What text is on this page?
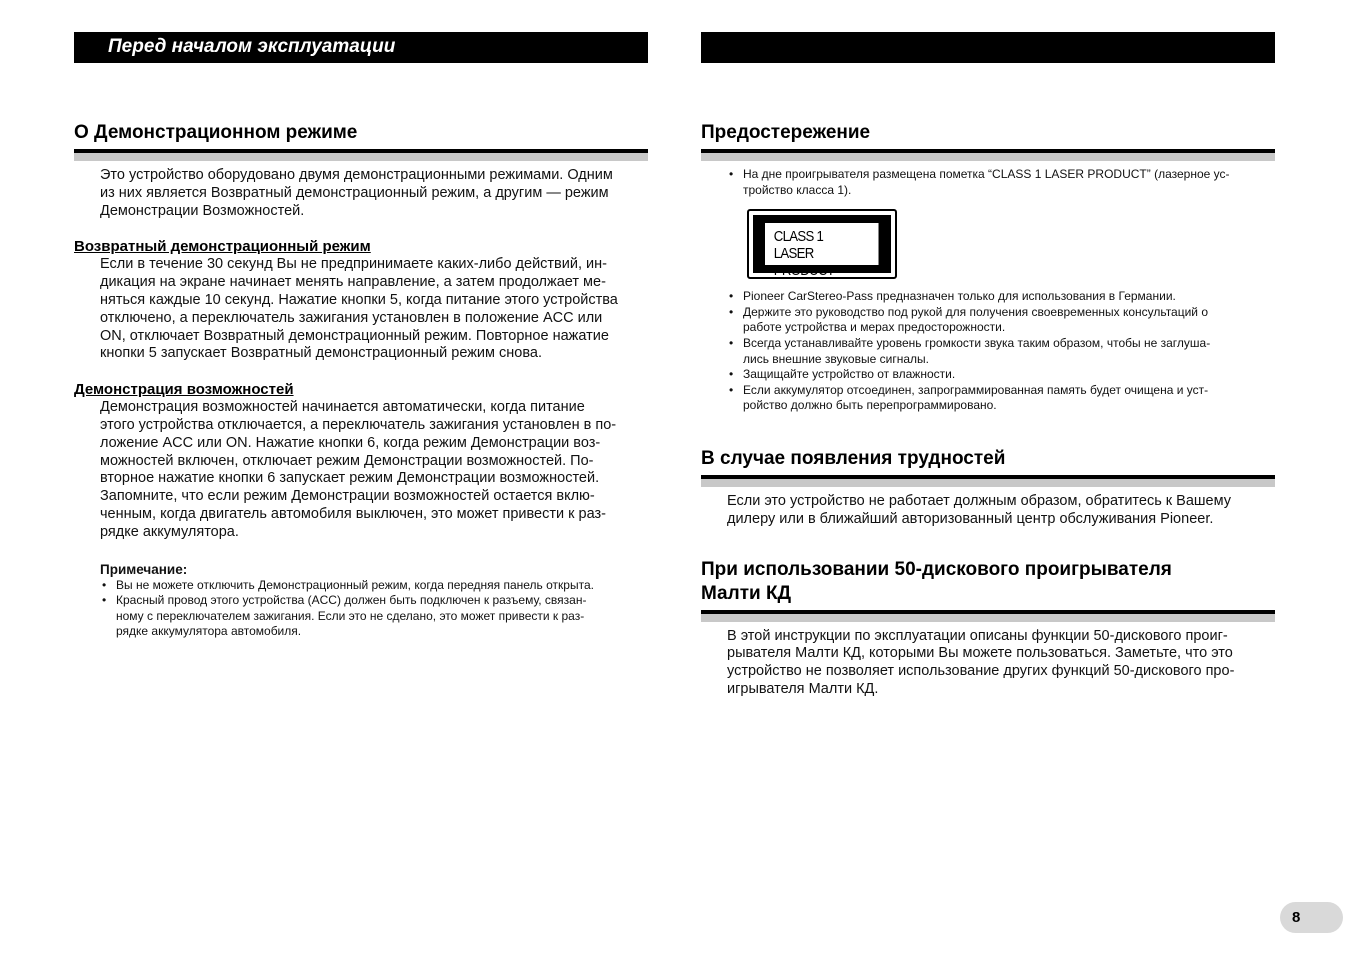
Перед началом эксплуатации
О Демонстрационном режиме

Это устройство оборудовано двумя демонстрационными режимами. Одним
из них является Возвратный демонстрационный режим, а другим — режим
Демонстрации Возможностей.

Возвратный демонстрационный режим

Если в течение 30 секунд Вы не предпринимаете каких-либо действий, ин-
дикация на экране начинает менять направление, а затем продолжает ме-
няться каждые 10 секунд. Нажатие кнопки 5, когда питание этого устройства
отключено, а переключатель зажигания установлен в положение ACC или
ON, отключает Возвратный демонстрационный режим. Повторное нажатие
кнопки 5 запускает Возвратный демонстрационный режим снова.

Демонстрация возможностей

Демонстрация возможностей начинается автоматически, когда питание
этого устройства отключается, а переключатель зажигания установлен в по-
ложение ACC или ON. Нажатие кнопки 6, когда режим Демонстрации воз-
можностей включен, отключает режим Демонстрации возможностей. По-
вторное нажатие кнопки 6 запускает режим Демонстрации возможностей.
Запомните, что если режим Демонстрации возможностей остается вклю-
ченным, когда двигатель автомобиля выключен, это может привести к раз-
рядке аккумулятора.

Примечание:

• Вы не можете отключить Демонстрационный режим, когда передняя панель открыта.
• Красный провод этого устройства (ACC) должен быть подключен к разъему, связан-
ному с переключателем зажигания. Если это не сделано, это может привести к раз-
рядке аккумулятора автомобиля.
Предостережение
• На дне проигрывателя размещена пометка “CLASS 1 LASER PRODUCT” (лазерное ус-
тройство класса 1).
CLASS 1
LASER PRODUCT
• Pioneer CarStereo-Pass предназначен только для использования в Германии.
• Держите это руководство под рукой для получения своевременных консультаций о
работе устройства и мерах предосторожности.
• Всегда устанавливайте уровень громкости звука таким образом, чтобы не заглуша-
лись внешние звуковые сигналы.
• Защищайте устройство от влажности.
• Если аккумулятор отсоединен, запрограммированная память будет очищена и уст-
ройство должно быть перепрограммировано.
В случае появления трудностей

Если это устройство не работает должным образом, обратитесь к Вашему
дилеру или в ближайший авторизованный центр обслуживания Pioneer.

При использовании 50-дискового проигрывателя
Малти КД

В этой инструкции по эксплуатации описаны функции 50-дискового проиг-
рывателя Малти КД, которыми Вы можете пользоваться. Заметьте, что это
устройство не позволяет использование других функций 50-дискового про-
игрывателя Малти КД.

8
